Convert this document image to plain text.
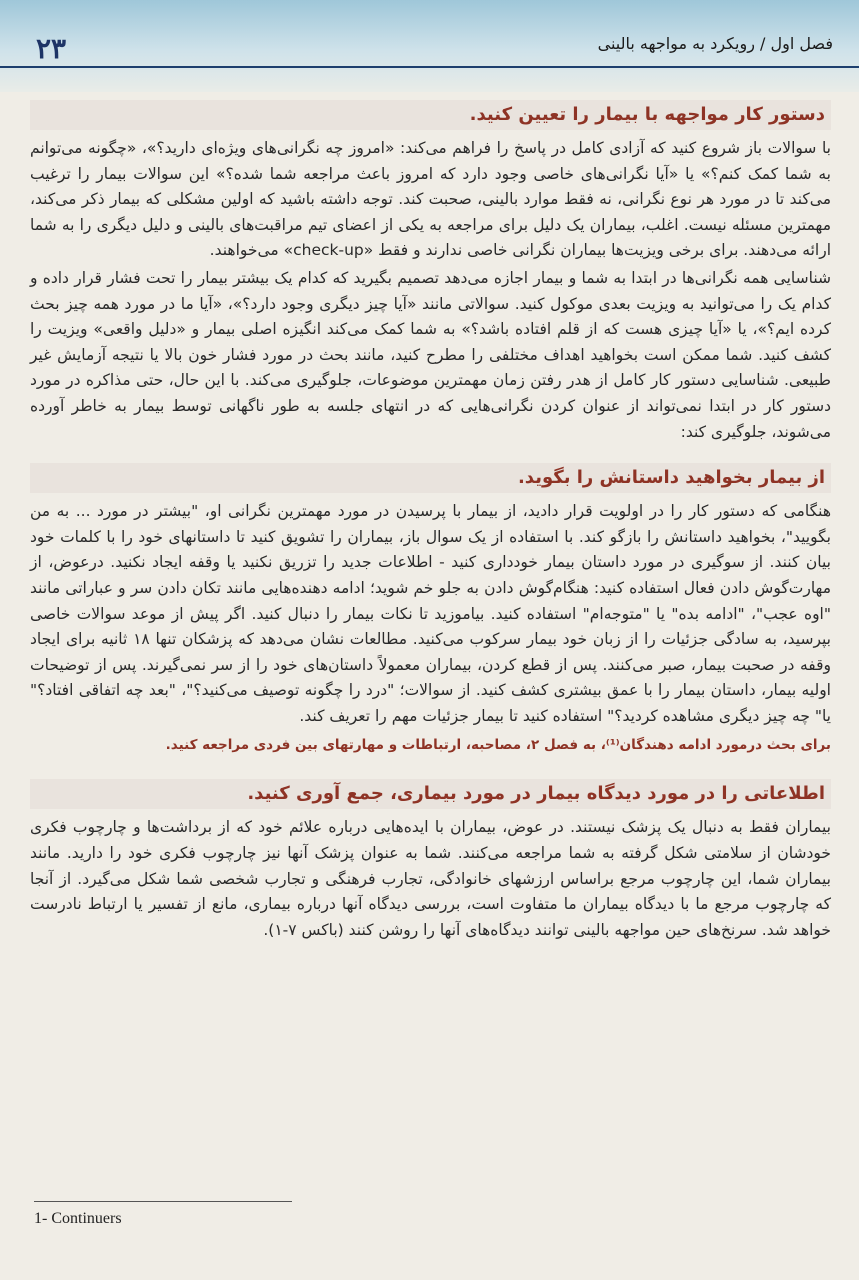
۲۳	فصل اول / رویکرد به مواجهه بالینی
دستور کار مواجهه با بیمار را تعیین کنید.

با سوالات باز شروع کنید که آزادی کامل در پاسخ را فراهم می‌کند: «امروز چه نگرانی‌های ویژه‌ای دارید؟»، «چگونه می‌توانم به شما کمک کنم؟» یا «آیا نگرانی‌های خاصی وجود دارد که امروز باعث مراجعه شما شده؟» این سوالات بیمار را ترغیب می‌کند تا در مورد هر نوع نگرانی، نه فقط موارد بالینی، صحبت کند. توجه داشته باشید که اولین مشکلی که بیمار ذکر می‌کند، مهمترین مسئله نیست. اغلب، بیماران یک دلیل برای مراجعه به یکی از اعضای تیم مراقبت‌های بالینی و دلیل دیگری را به شما ارائه می‌دهند. برای برخی ویزیت‌ها بیماران نگرانی خاصی ندارند و فقط «check-up» می‌خواهند.

شناسایی همه نگرانی‌ها در ابتدا به شما و بیمار اجازه می‌دهد تصمیم بگیرید که کدام یک بیشتر بیمار را تحت فشار قرار داده و کدام یک را می‌توانید به ویزیت بعدی موکول کنید. سوالاتی مانند «آیا چیز دیگری وجود دارد؟»، «آیا ما در مورد همه چیز بحث کرده ایم؟»، یا «آیا چیزی هست که از قلم افتاده باشد؟» به شما کمک می‌کند انگیزه اصلی بیمار و «دلیل واقعی» ویزیت را کشف کنید. شما ممکن است بخواهید اهداف مختلفی را مطرح کنید، مانند بحث در مورد فشار خون بالا یا نتیجه آزمایش غیر طبیعی. شناسایی دستور کار کامل از هدر رفتن زمان مهمترین موضوعات، جلوگیری می‌کند. با این حال، حتی مذاکره در مورد دستور کار در ابتدا نمی‌تواند از عنوان کردن نگرانی‌هایی که در انتهای جلسه به طور ناگهانی توسط بیمار به خاطر آورده می‌شوند، جلوگیری کند:

از بیمار بخواهید داستانش را بگوید.

هنگامی که دستور کار را در اولویت قرار دادید، از بیمار با پرسیدن در مورد مهمترین نگرانی او، "بیشتر در مورد ... به من بگویید"، بخواهید داستانش را بازگو کند. با استفاده از یک سوال باز، بیماران را تشویق کنید تا داستانهای خود را با کلمات خود بیان کنند. از سوگیری در مورد داستان بیمار خودداری کنید - اطلاعات جدید را تزریق نکنید یا وقفه ایجاد نکنید. درعوض، از مهارت‌گوش دادن فعال استفاده کنید: هنگام‌گوش دادن به جلو خم شوید؛ ادامه دهنده‌هایی مانند تکان دادن سر و عباراتی مانند "اوه عجب"، "ادامه بده" یا "متوجه‌ام" استفاده کنید. بیاموزید تا نکات بیمار را دنبال کنید. اگر پیش از موعد سوالات خاصی بپرسید، به سادگی جزئیات را از زبان خود بیمار سرکوب می‌کنید. مطالعات نشان می‌دهد که پزشکان تنها ۱۸ ثانیه برای ایجاد وقفه در صحبت بیمار، صبر می‌کنند. پس از قطع کردن، بیماران معمولاً داستان‌های خود را از سر نمی‌گیرند. پس از توضیحات اولیه بیمار، داستان بیمار را با عمق بیشتری کشف کنید. از سوالات؛ "درد را چگونه توصیف می‌کنید؟"، "بعد چه اتفاقی افتاد؟" یا" چه چیز دیگری مشاهده کردید؟" استفاده کنید تا بیمار جزئیات مهم را تعریف کند.

برای بحث درمورد ادامه دهندگان⁽¹⁾، به فصل ۲، مصاحبه، ارتباطات و مهارتهای بین فردی مراجعه کنید.

اطلاعاتی را در مورد دیدگاه بیمار در مورد بیماری، جمع آوری کنید.

بیماران فقط به دنبال یک پزشک نیستند. در عوض، بیماران با ایده‌هایی درباره علائم خود که از برداشت‌ها و چارچوب فکری خودشان از سلامتی شکل گرفته به شما مراجعه می‌کنند. شما به عنوان پزشک آنها نیز چارچوب فکری خود را دارید. مانند بیماران شما، این چارچوب مرجع براساس ارزشهای خانوادگی، تجارب فرهنگی و تجارب شخصی شما شکل می‌گیرد. از آنجا که چارچوب مرجع ما با دیدگاه بیماران ما متفاوت است، بررسی دیدگاه آنها درباره بیماری، مانع از تفسیر یا ارتباط نادرست خواهد شد. سرنخ‌های حین مواجهه بالینی توانند دیدگاه‌های آنها را روشن کنند (باکس ۷-۱).

1- Continuers
